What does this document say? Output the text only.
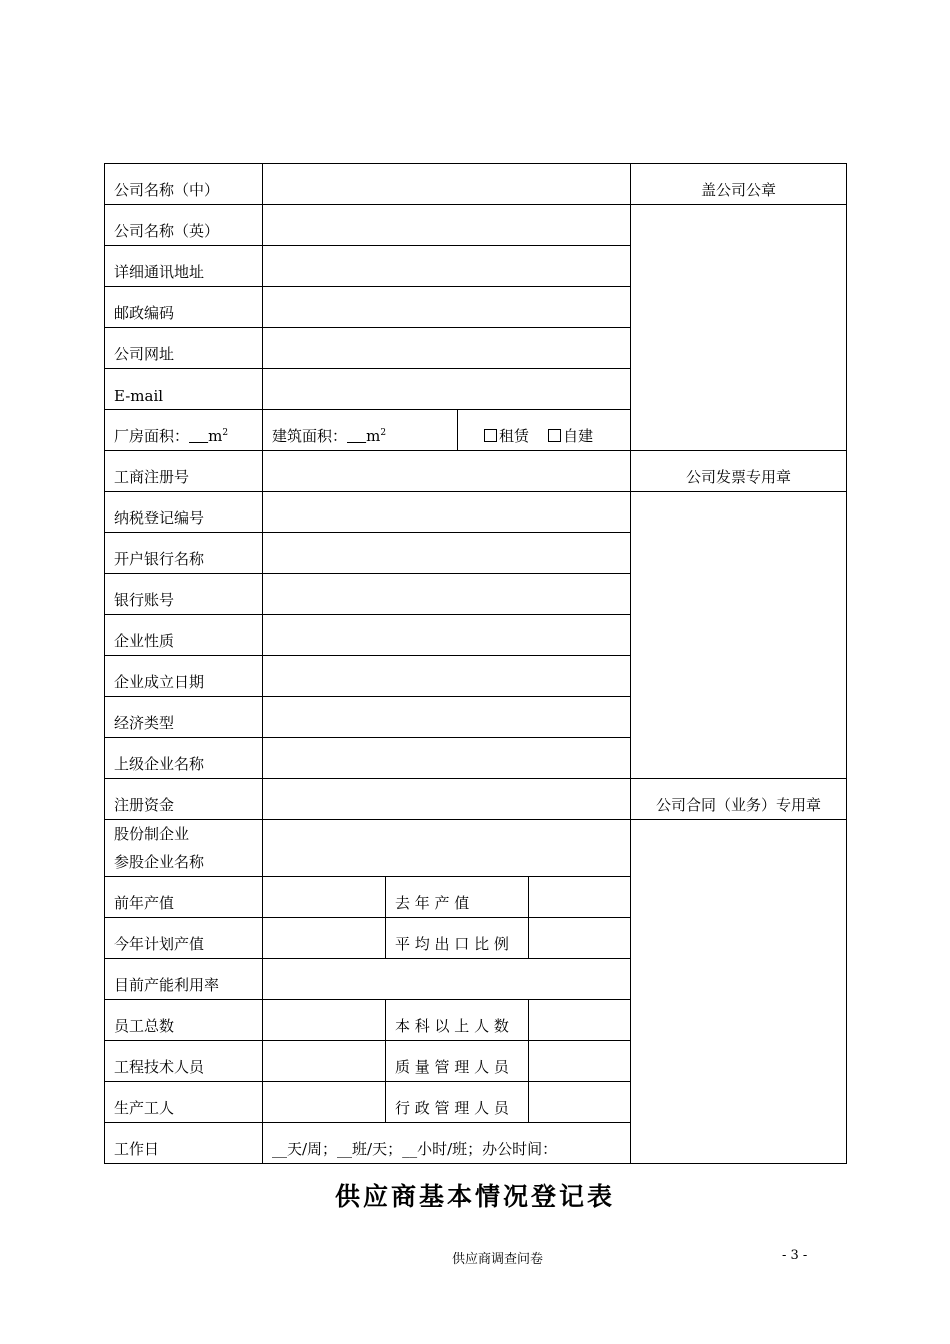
公司名称（中）					盖公司公章
公司名称（英）					
详细通讯地址					
邮政编码					
公司网址					
E-mail					
厂房面积： $m^2$	建筑面积： $m^2$		租赁 自建		
工商注册号					公司发票专用章
纳税登记编号					
开户银行名称					
银行账号					
企业性质					
企业成立日期					
经济类型					
上级企业名称					
注册资金					公司合同（业务）专用章

股份制企业
参股企业名称					

前年产值		去 年 产 值			
今年计划产值		平 均 出 口 比 例			
目前产能利用率					
员工总数		本 科 以 上 人 数			
工程技术人员		质 量 管 理 人 员			
生产工人		行 政 管 理 人 员			
工作日	__天/周；__班/天；__小时/班；办公时间：				
供应商基本情况登记表
供应商调查问卷	- 3 -
